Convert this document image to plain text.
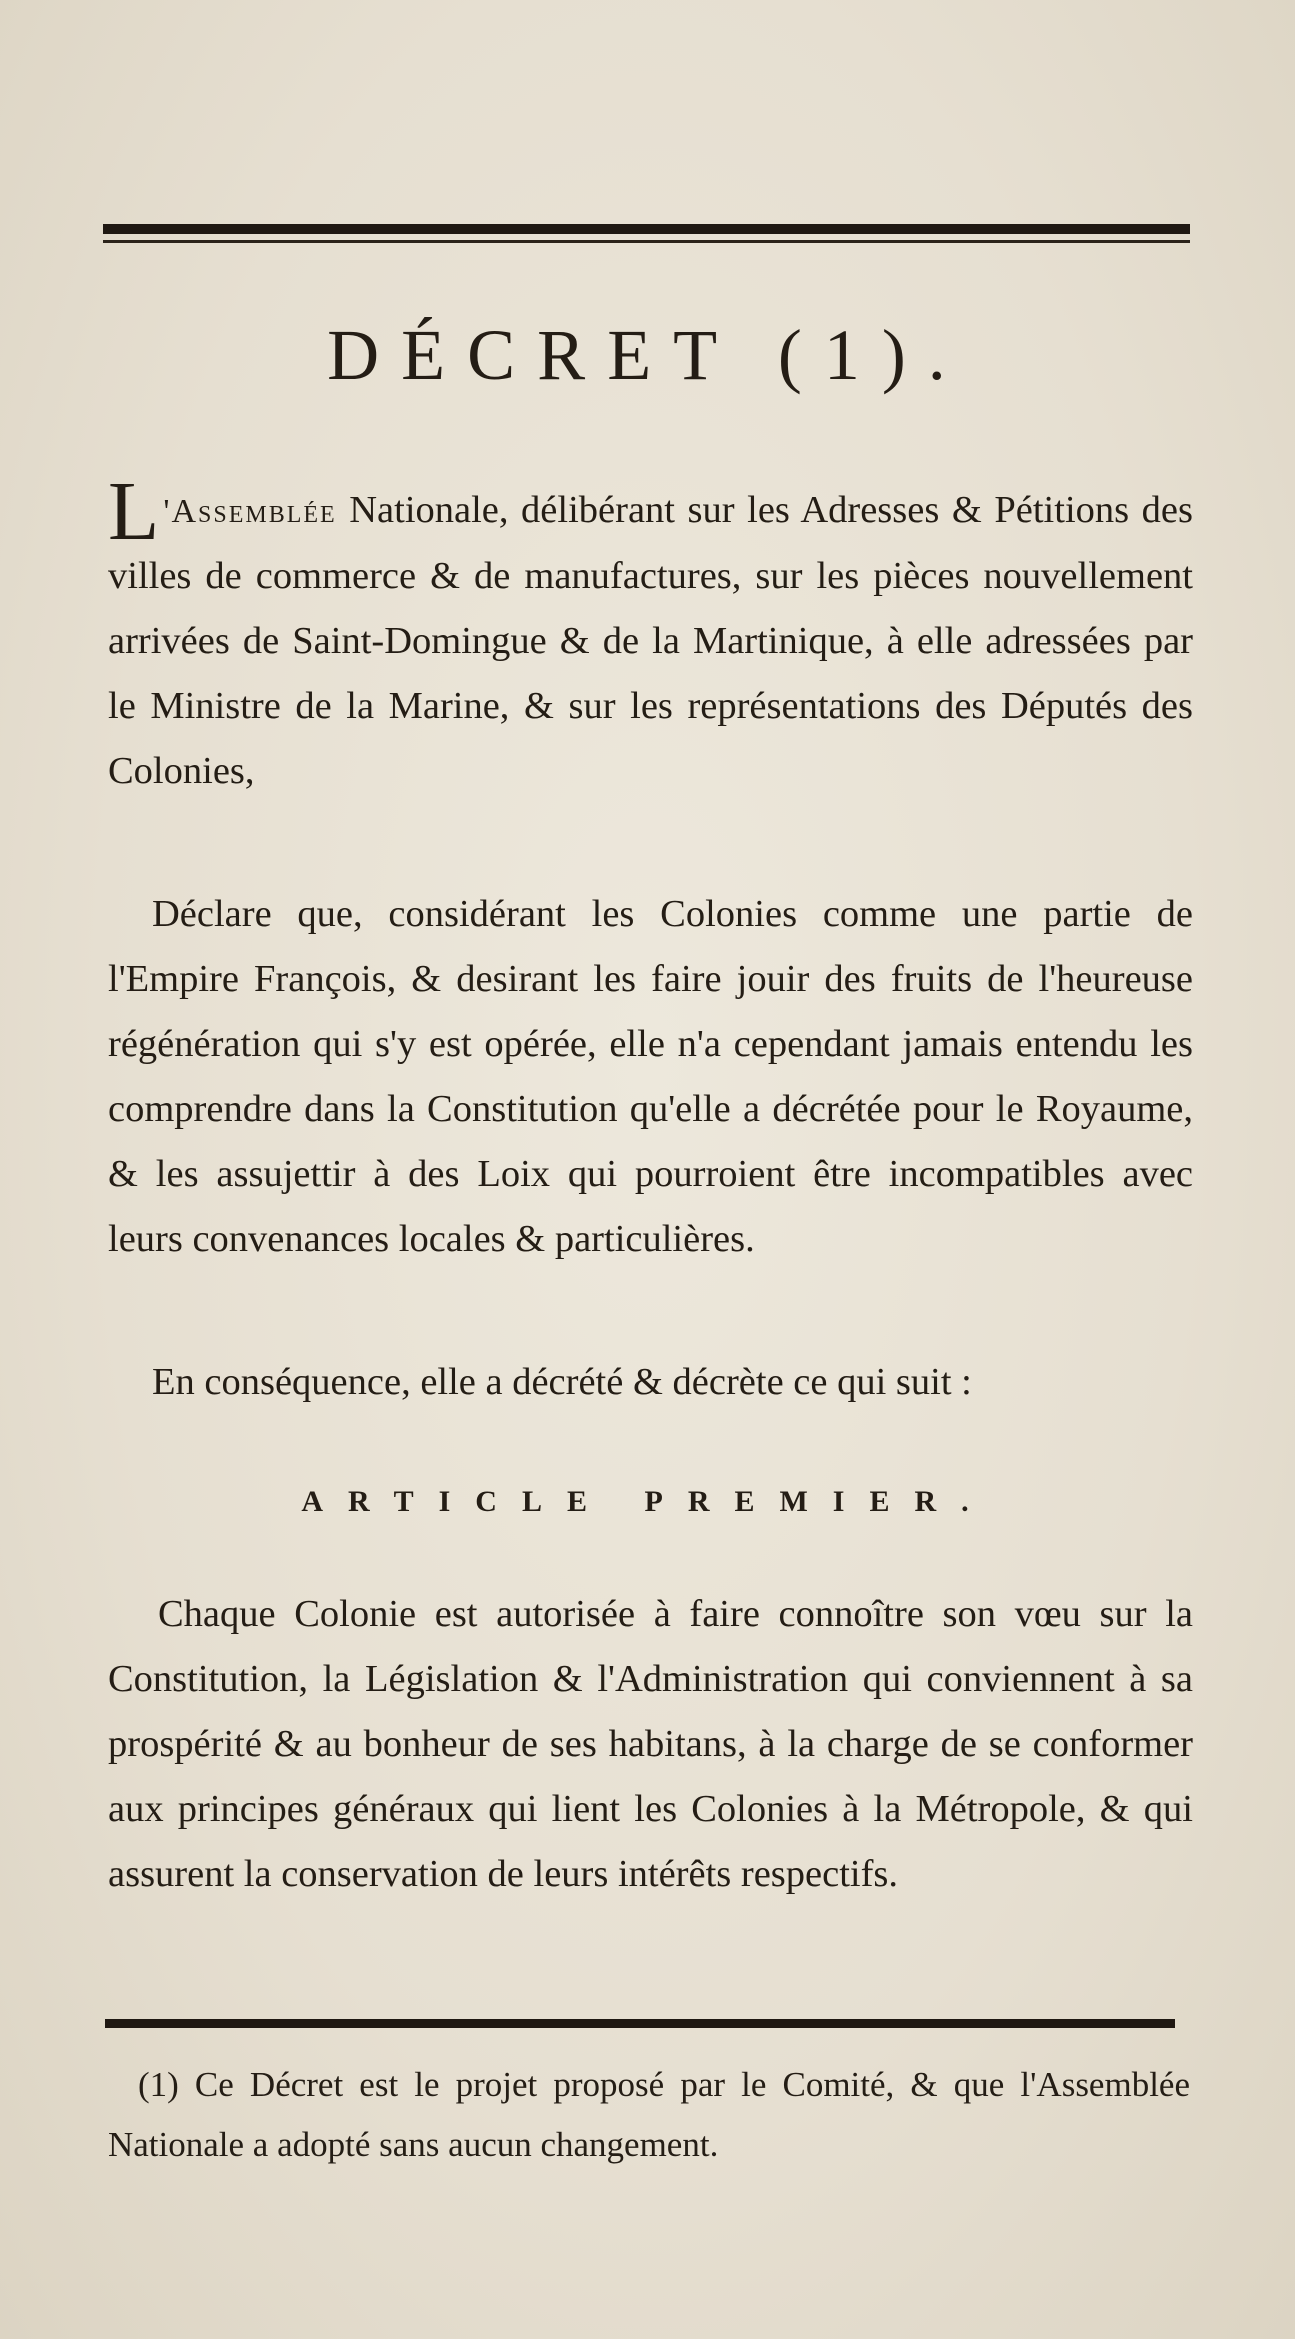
DÉCRET (1).

L 'Assemblée Nationale, délibérant sur les Adresses & Pétitions des villes de commerce & de manufactures, sur les pièces nouvellement arrivées de Saint-Domingue & de la Martinique, à elle adressées par le Ministre de la Marine, & sur les représentations des Députés des Colonies,

Déclare que, considérant les Colonies comme une partie de l'Empire François, & desirant les faire jouir des fruits de l'heureuse régénération qui s'y est opérée, elle n'a cependant jamais entendu les comprendre dans la Constitution qu'elle a décrétée pour le Royaume, & les assujettir à des Loix qui pourroient être incompatibles avec leurs convenances locales & particulières.

En conséquence, elle a décrété & décrète ce qui suit :

ARTICLE PREMIER.

Chaque Colonie est autorisée à faire connoître son vœu sur la Constitution, la Législation & l'Administration qui conviennent à sa prospérité & au bonheur de ses habitans, à la charge de se conformer aux principes généraux qui lient les Colonies à la Métropole, & qui assurent la conservation de leurs intérêts respectifs.

(1) Ce Décret est le projet proposé par le Comité, & que l'Assemblée Nationale a adopté sans aucun changement.
